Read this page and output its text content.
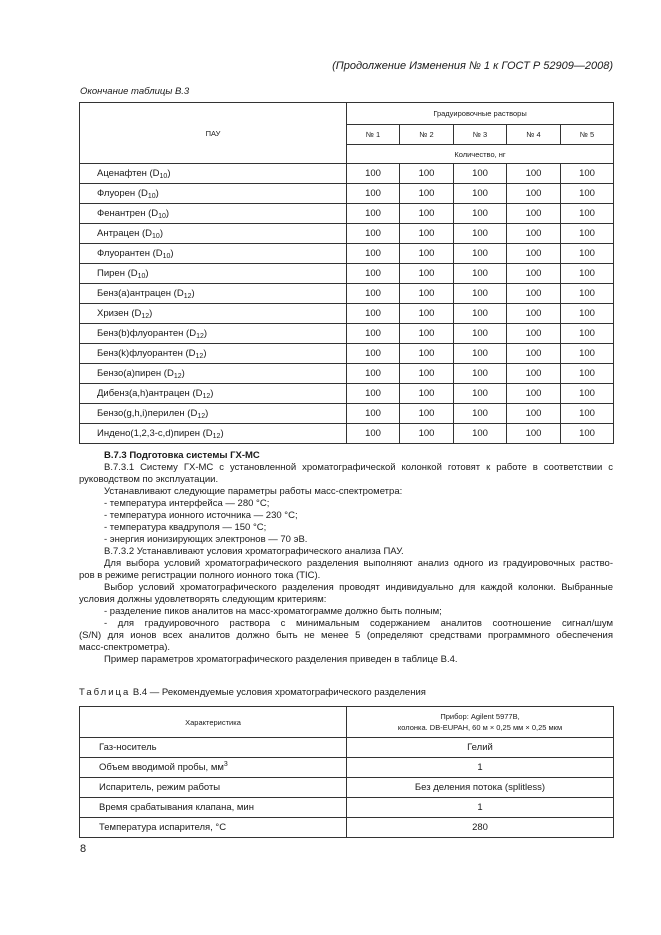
(Продолжение Изменения № 1 к ГОСТ Р 52909—2008)
Окончание таблицы В.3
ПАУ	Градуировочные растворы				
	№ 1	№ 2	№ 3	№ 4	№ 5
	Количество, нг				
Аценафтен $(D_{10})$	100	100	100	100	100
Флуорен $(D_{10})$	100	100	100	100	100
Фенантрен $(D_{10})$	100	100	100	100	100
Антрацен $(D_{10})$	100	100	100	100	100
Флуорантен $(D_{10})$	100	100	100	100	100
Пирен $(D_{10})$	100	100	100	100	100
Бенз(а)антрацен $(D_{12})$	100	100	100	100	100
Хризен $(D_{12})$	100	100	100	100	100
Бенз(b)флуорантен $(D_{12})$	100	100	100	100	100
Бенз(k)флуорантен $(D_{12})$	100	100	100	100	100
Бензо(а)пирен $(D_{12})$	100	100	100	100	100
Дибенз(а,h)антрацен $(D_{12})$	100	100	100	100	100
Бензо(g,h,i)перилен $(D_{12})$	100	100	100	100	100
Индено(1,2,3-c,d)пирен $(D_{12})$	100	100	100	100	100

В.7.3 Подготовка системы ГХ-МС

В.7.3.1 Систему ГХ-МС с установленной хроматографической колонкой готовят к работе в соответствии с

руководством по эксплуатации.

Устанавливают следующие параметры работы масс-спектрометра:

- температура интерфейса — 280 °С;

- температура ионного источника — 230 °С;

- температура квадруполя — 150 °С;

- энергия ионизирующих электронов — 70 эВ.

В.7.3.2 Устанавливают условия хроматографического анализа ПАУ.

Для выбора условий хроматографического разделения выполняют анализ одного из градуировочных раство-

ров в режиме регистрации полного ионного тока (TIC).

Выбор условий хроматографического разделения проводят индивидуально для каждой колонки. Выбранные

условия должны удовлетворять следующим критериям:

- разделение пиков аналитов на масс-хроматограмме должно быть полным;

- для градуировочного раствора с минимальным содержанием аналитов соотношение сигнал/шум

(S/N) для ионов всех аналитов должно быть не менее 5 (определяют средствами программного обеспечения

масс-спектрометра).

Пример параметров хроматографического разделения приведен в таблице В.4.

Таблица В.4 — Рекомендуемые условия хроматографического разделения
Характеристика	Прибор: Agilent 5977B,
колонка. DB-EUPAH, 60 м × 0,25 мм × 0,25 мкм

Газ-носитель	Гелий
Объем вводимой пробы, $мм^3$	1
Испаритель, режим работы	Без деления потока (splitless)
Время срабатывания клапана, мин	1
Температура испарителя, °С	280
8
